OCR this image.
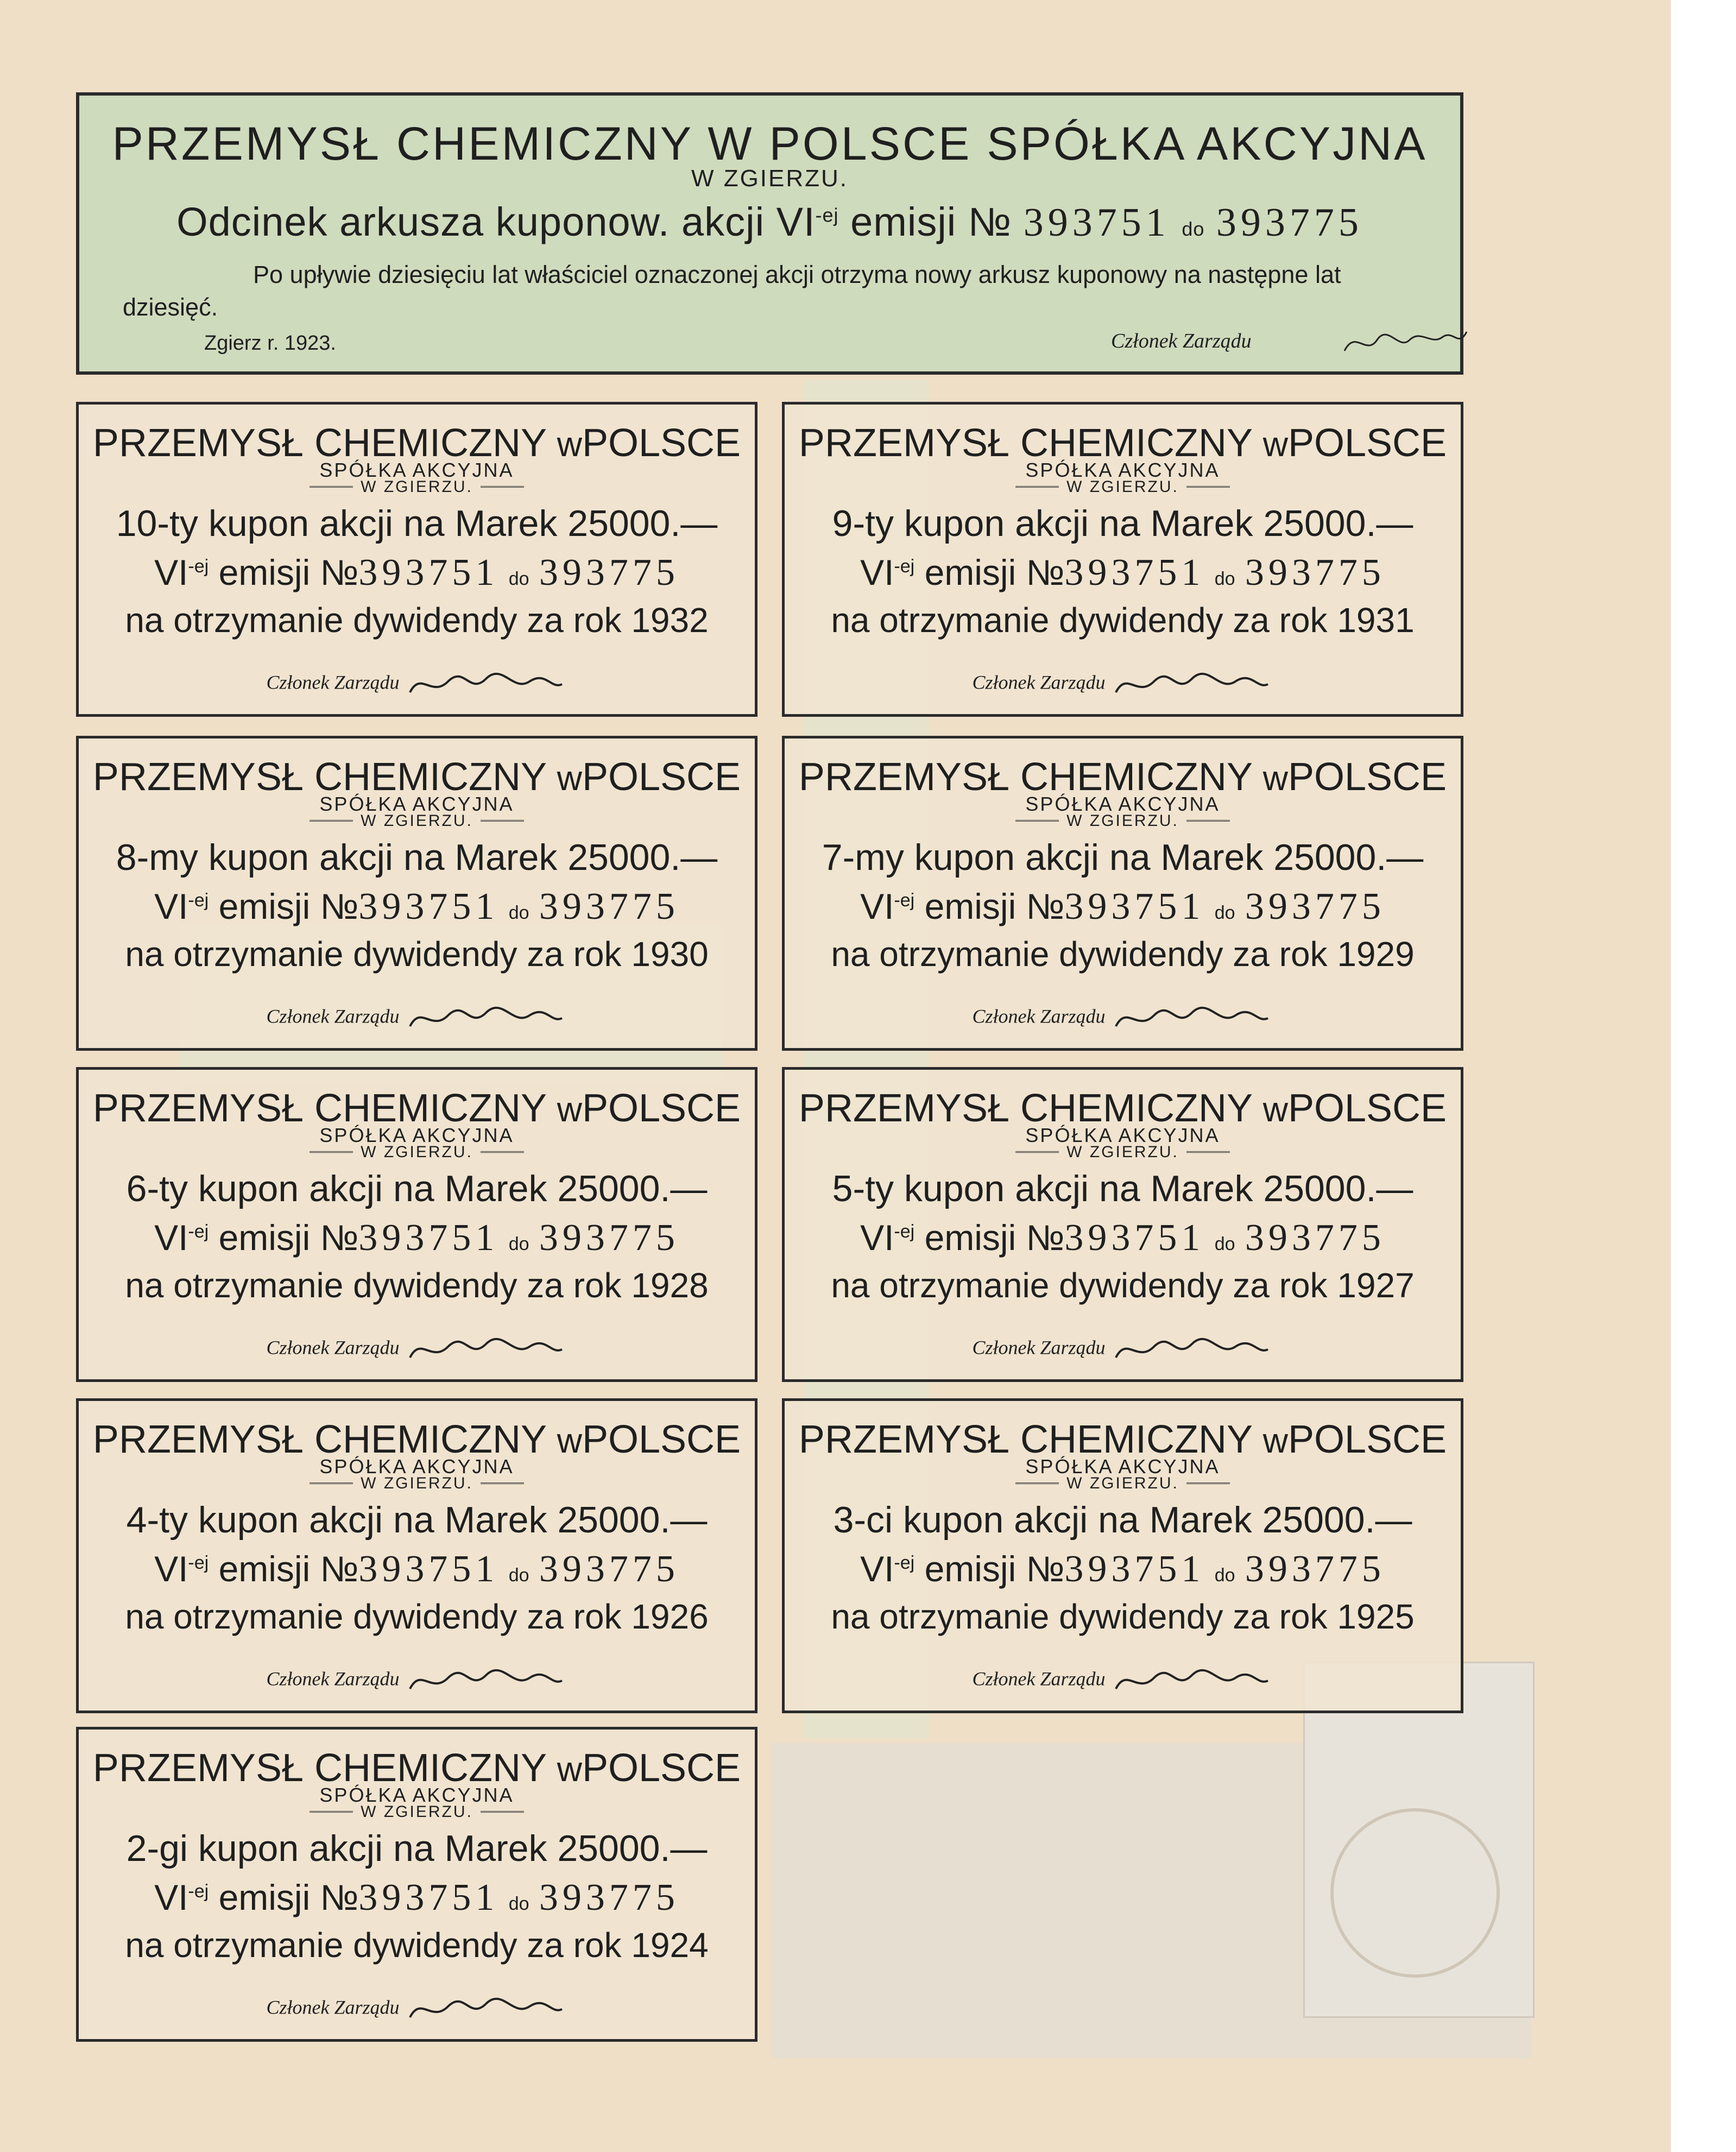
PRZEMYSŁ CHEMICZNY W POLSCE SPÓŁKA AKCYJNA
W ZGIERZU.
Odcinek arkusza kuponow. akcji $VI^{-ej}$ emisji № 393751 do 393775
Po upływie dziesięciu lat właściciel oznaczonej akcji otrzyma nowy arkusz kuponowy na następne lat dziesięć.
Zgierz r. 1923.	Członek Zarządu
PRZEMYSŁ CHEMICZNY wPOLSCE
SPÓŁKA AKCYJNA
W ZGIERZU.
10-ty kupon akcji na Marek 25000.—
$VI^{-ej}$ emisji №393751 do 393775
na otrzymanie dywidendy za rok 1932
Członek Zarządu
PRZEMYSŁ CHEMICZNY wPOLSCE
SPÓŁKA AKCYJNA
W ZGIERZU.
9-ty kupon akcji na Marek 25000.—
$VI^{-ej}$ emisji №393751 do 393775
na otrzymanie dywidendy za rok 1931
Członek Zarządu
PRZEMYSŁ CHEMICZNY wPOLSCE
SPÓŁKA AKCYJNA
W ZGIERZU.
8-my kupon akcji na Marek 25000.—
$VI^{-ej}$ emisji №393751 do 393775
na otrzymanie dywidendy za rok 1930
Członek Zarządu
PRZEMYSŁ CHEMICZNY wPOLSCE
SPÓŁKA AKCYJNA
W ZGIERZU.
7-my kupon akcji na Marek 25000.—
$VI^{-ej}$ emisji №393751 do 393775
na otrzymanie dywidendy za rok 1929
Członek Zarządu
PRZEMYSŁ CHEMICZNY wPOLSCE
SPÓŁKA AKCYJNA
W ZGIERZU.
6-ty kupon akcji na Marek 25000.—
$VI^{-ej}$ emisji №393751 do 393775
na otrzymanie dywidendy za rok 1928
Członek Zarządu
PRZEMYSŁ CHEMICZNY wPOLSCE
SPÓŁKA AKCYJNA
W ZGIERZU.
5-ty kupon akcji na Marek 25000.—
$VI^{-ej}$ emisji №393751 do 393775
na otrzymanie dywidendy za rok 1927
Członek Zarządu
PRZEMYSŁ CHEMICZNY wPOLSCE
SPÓŁKA AKCYJNA
W ZGIERZU.
4-ty kupon akcji na Marek 25000.—
$VI^{-ej}$ emisji №393751 do 393775
na otrzymanie dywidendy za rok 1926
Członek Zarządu
PRZEMYSŁ CHEMICZNY wPOLSCE
SPÓŁKA AKCYJNA
W ZGIERZU.
3-ci kupon akcji na Marek 25000.—
$VI^{-ej}$ emisji №393751 do 393775
na otrzymanie dywidendy za rok 1925
Członek Zarządu
PRZEMYSŁ CHEMICZNY wPOLSCE
SPÓŁKA AKCYJNA
W ZGIERZU.
2-gi kupon akcji na Marek 25000.—
$VI^{-ej}$ emisji №393751 do 393775
na otrzymanie dywidendy za rok 1924
Członek Zarządu
